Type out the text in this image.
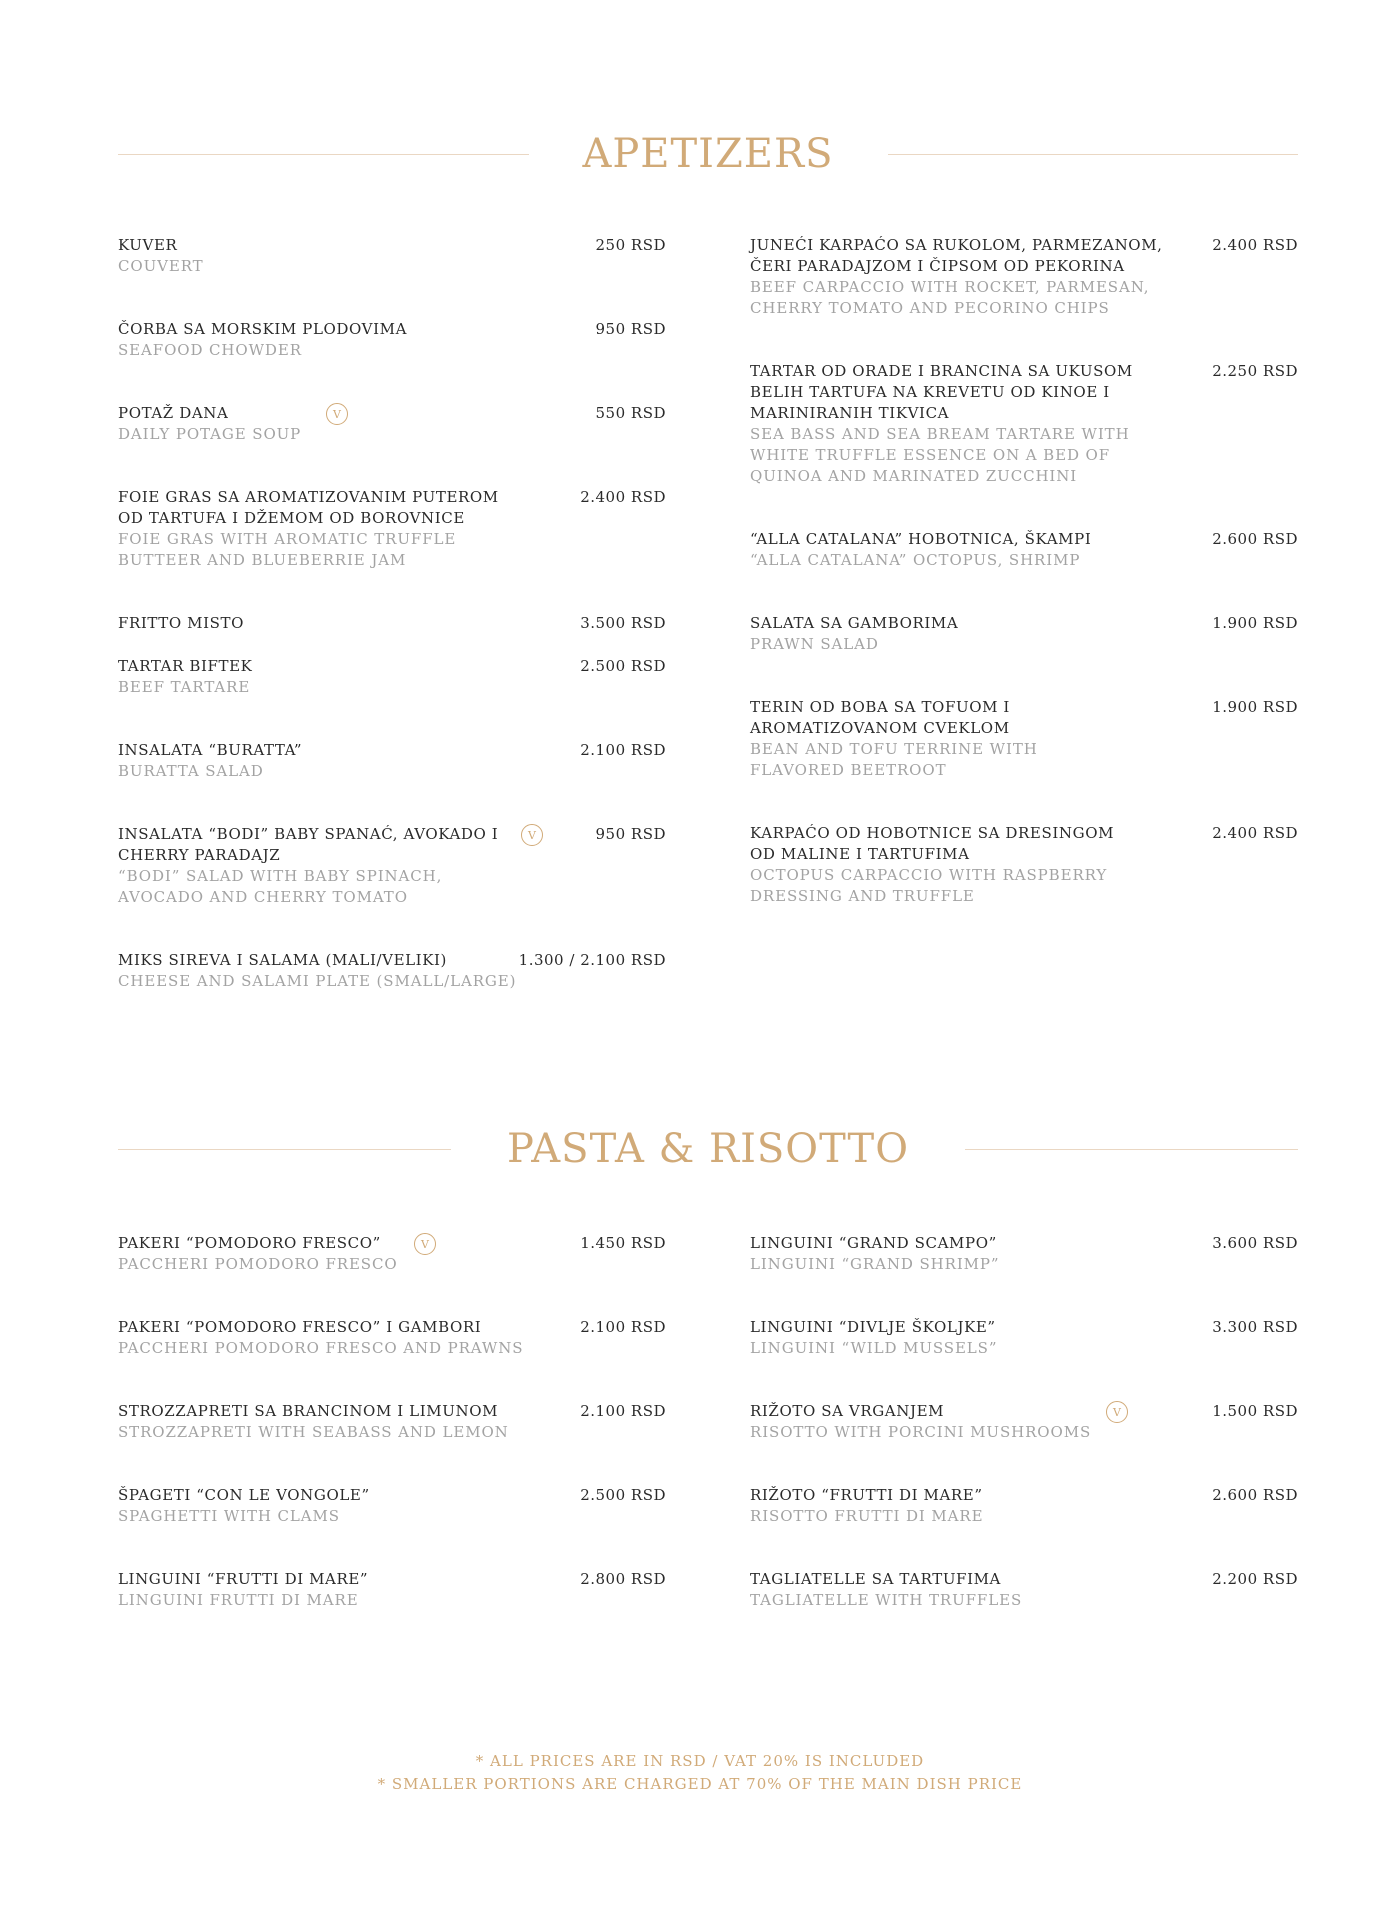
APETIZERS
KUVER
COUVERT
250 RSD
ČORBA SA MORSKIM PLODOVIMA
SEAFOOD CHOWDER
950 RSD
POTAŽ DANA	V
DAILY POTAGE SOUP
550 RSD
FOIE GRAS SA AROMATIZOVANIM PUTEROM OD TARTUFA I DŽEMOM OD BOROVNICE
FOIE GRAS WITH AROMATIC TRUFFLE BUTTEER AND BLUEBERRIE JAM
2.400 RSD
FRITTO MISTO	3.500 RSD
TARTAR BIFTEK
BEEF TARTARE
2.500 RSD
INSALATA “BURATTA”
BURATTA SALAD
2.100 RSD
INSALATA “BODI” BABY SPANAĆ, AVOKADO I CHERRY PARADAJZ
V
“BODI” SALAD WITH BABY SPINACH, AVOCADO AND CHERRY TOMATO
950 RSD
MIKS SIREVA I SALAMA (MALI/VELIKI)
CHEESE AND SALAMI PLATE (SMALL/LARGE)
1.300 / 2.100 RSD
JUNEĆI KARPAĆO SA RUKOLOM, PARMEZANOM, ČERI PARADAJZOM I ČIPSOM OD PEKORINA
BEEF CARPACCIO WITH ROCKET, PARMESAN, CHERRY TOMATO AND PECORINO CHIPS
2.400 RSD
TARTAR OD ORADE I BRANCINA SA UKUSOM BELIH TARTUFA NA KREVETU OD KINOE I MARINIRANIH TIKVICA
SEA BASS AND SEA BREAM TARTARE WITH WHITE TRUFFLE ESSENCE ON A BED OF QUINOA AND MARINATED ZUCCHINI
2.250 RSD
“ALLA CATALANA” HOBOTNICA, ŠKAMPI
“ALLA CATALANA” OCTOPUS, SHRIMP
2.600 RSD
SALATA SA GAMBORIMA
PRAWN SALAD
1.900 RSD
TERIN OD BOBA SA TOFUOM I AROMATIZOVANOM CVEKLOM
BEAN AND TOFU TERRINE WITH FLAVORED BEETROOT
1.900 RSD
KARPAĆO OD HOBOTNICE SA DRESINGOM OD MALINE I TARTUFIMA
OCTOPUS CARPACCIO WITH RASPBERRY DRESSING AND TRUFFLE
2.400 RSD
PASTA & RISOTTO
PAKERI “POMODORO FRESCO”	V
PACCHERI POMODORO FRESCO
1.450 RSD
PAKERI “POMODORO FRESCO” I GAMBORI
PACCHERI POMODORO FRESCO AND PRAWNS
2.100 RSD
STROZZAPRETI SA BRANCINOM I LIMUNOM
STROZZAPRETI WITH SEABASS AND LEMON
2.100 RSD
ŠPAGETI “CON LE VONGOLE”
SPAGHETTI WITH CLAMS
2.500 RSD
LINGUINI “FRUTTI DI MARE”
LINGUINI FRUTTI DI MARE
2.800 RSD
LINGUINI “GRAND SCAMPO”
LINGUINI “GRAND SHRIMP”
3.600 RSD
LINGUINI “DIVLJE ŠKOLJKE”
LINGUINI “WILD MUSSELS”
3.300 RSD
RIŽOTO SA VRGANJEM	V
RISOTTO WITH PORCINI MUSHROOMS
1.500 RSD
RIŽOTO “FRUTTI DI MARE”
RISOTTO FRUTTI DI MARE
2.600 RSD
TAGLIATELLE SA TARTUFIMA
TAGLIATELLE WITH TRUFFLES
2.200 RSD
* ALL PRICES ARE IN RSD / VAT 20% IS INCLUDED
* SMALLER PORTIONS ARE CHARGED AT 70% OF THE MAIN DISH PRICE
